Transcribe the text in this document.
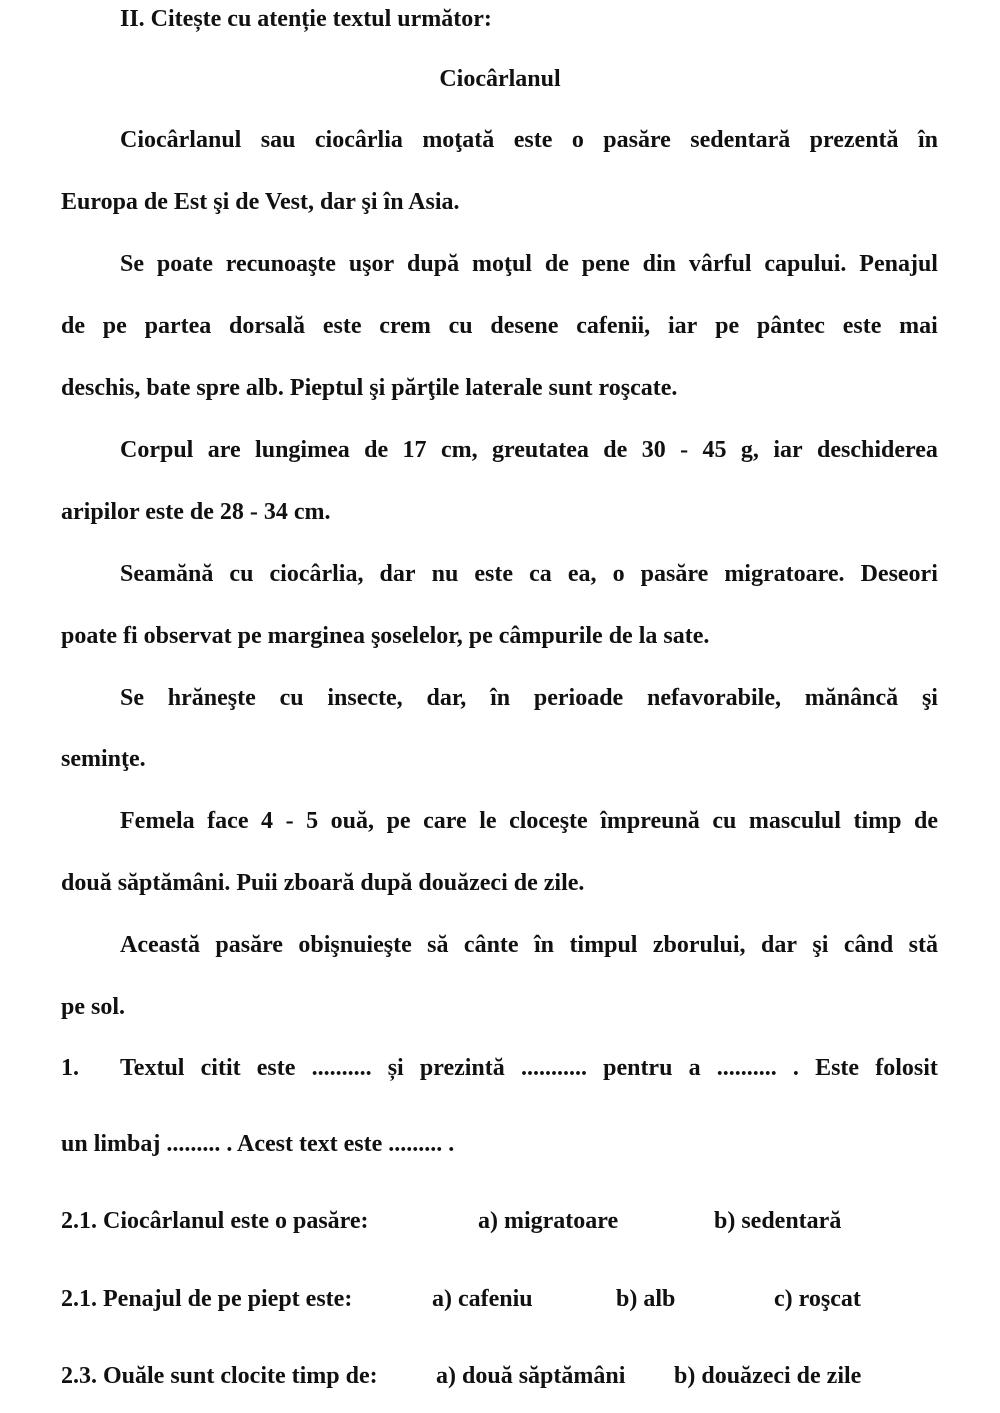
II. Citește cu atenție textul următor:
Ciocârlanul
Ciocârlanul sau ciocârlia moţată este o pasăre sedentară prezentă în
Europa de Est şi de Vest, dar şi în Asia.
Se poate recunoaşte uşor după moţul de pene din vârful capului. Penajul
de pe partea dorsală este crem cu desene cafenii, iar pe pântec este mai
deschis, bate spre alb. Pieptul şi părţile laterale sunt roşcate.
Corpul are lungimea de 17 cm, greutatea de 30 - 45 g, iar deschiderea
aripilor este de 28 - 34 cm.
Seamănă cu ciocârlia, dar nu este ca ea, o pasăre migratoare. Deseori
poate fi observat pe marginea şoselelor, pe câmpurile de la sate.
Se hrăneşte cu insecte, dar, în perioade nefavorabile, mănâncă şi
seminţe.
Femela face 4 - 5 ouă, pe care le cloceşte împreună cu masculul timp de
două săptămâni. Puii zboară după douăzeci de zile.
Această pasăre obişnuieşte să cânte în timpul zborului, dar şi când stă
pe sol.
1. Textul citit este .......... și prezintă ........... pentru a .......... . Este folosit
un limbaj ......... . Acest text este ......... .
2.1. Ciocârlanul este o pasăre:	a) migratoare	b) sedentară
2.1. Penajul de pe piept este:	a) cafeniu	b) alb	c) roşcat
2.3. Ouăle sunt clocite timp de: a) două săptămâni b) douăzeci de zile
